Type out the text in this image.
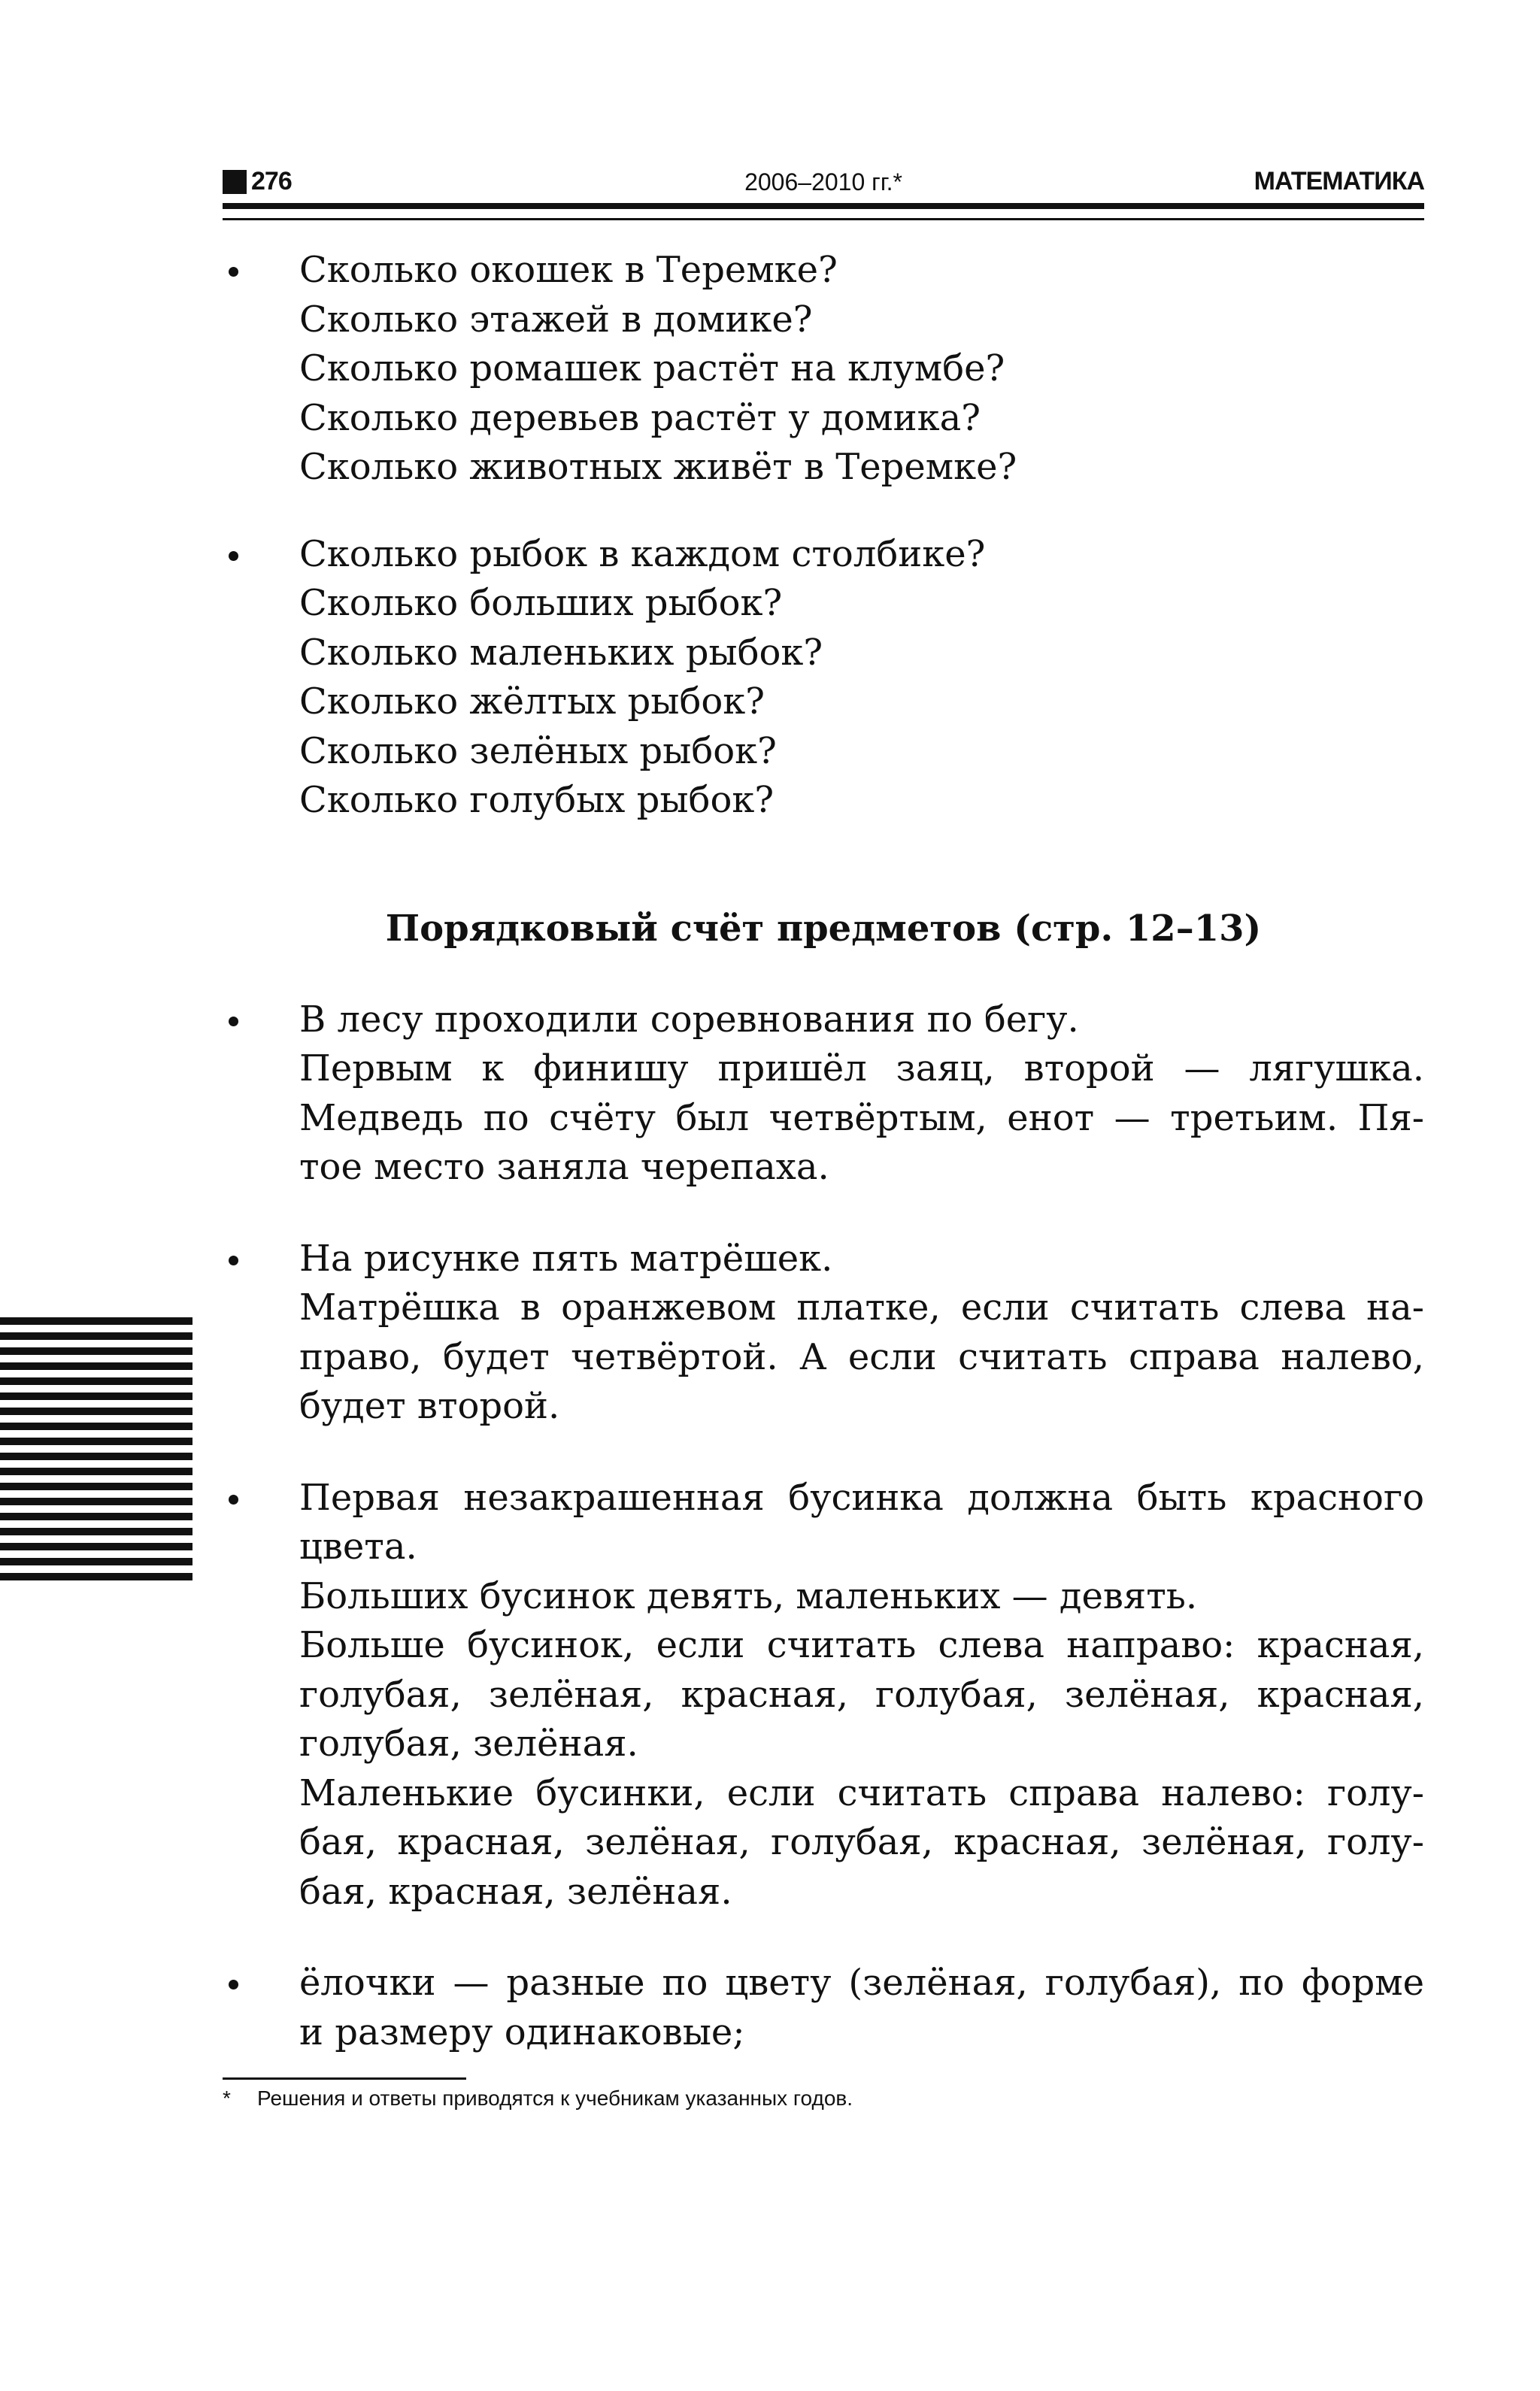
276	2006–2010 гг.*	МАТЕМАТИКА
Сколько окошек в Теремке?
Сколько этажей в домике?
Сколько ромашек растёт на клумбе?
Сколько деревьев растёт у домика?
Сколько животных живёт в Теремке?
Сколько рыбок в каждом столбике?
Сколько больших рыбок?
Сколько маленьких рыбок?
Сколько жёлтых рыбок?
Сколько зелёных рыбок?
Сколько голубых рыбок?
Порядковый счёт предметов (стр. 12–13)
В лесу проходили соревнования по бегу.
Первым к финишу пришёл заяц, второй — лягушка.
Медведь по счёту был четвёртым, енот — третьим. Пя-
тое место заняла черепаха.
На рисунке пять матрёшек.
Матрёшка в оранжевом платке, если считать слева на-
право, будет четвёртой. А если считать справа налево,
будет второй.
Первая незакрашенная бусинка должна быть красного
цвета.
Больших бусинок девять, маленьких — девять.
Больше бусинок, если считать слева направо: красная,
голубая, зелёная, красная, голубая, зелёная, красная,
голубая, зелёная.
Маленькие бусинки, если считать справа налево: голу-
бая, красная, зелёная, голубая, красная, зелёная, голу-
бая, красная, зелёная.
ёлочки — разные по цвету (зелёная, голубая), по форме
и размеру одинаковые;
* Решения и ответы приводятся к учебникам указанных годов.
